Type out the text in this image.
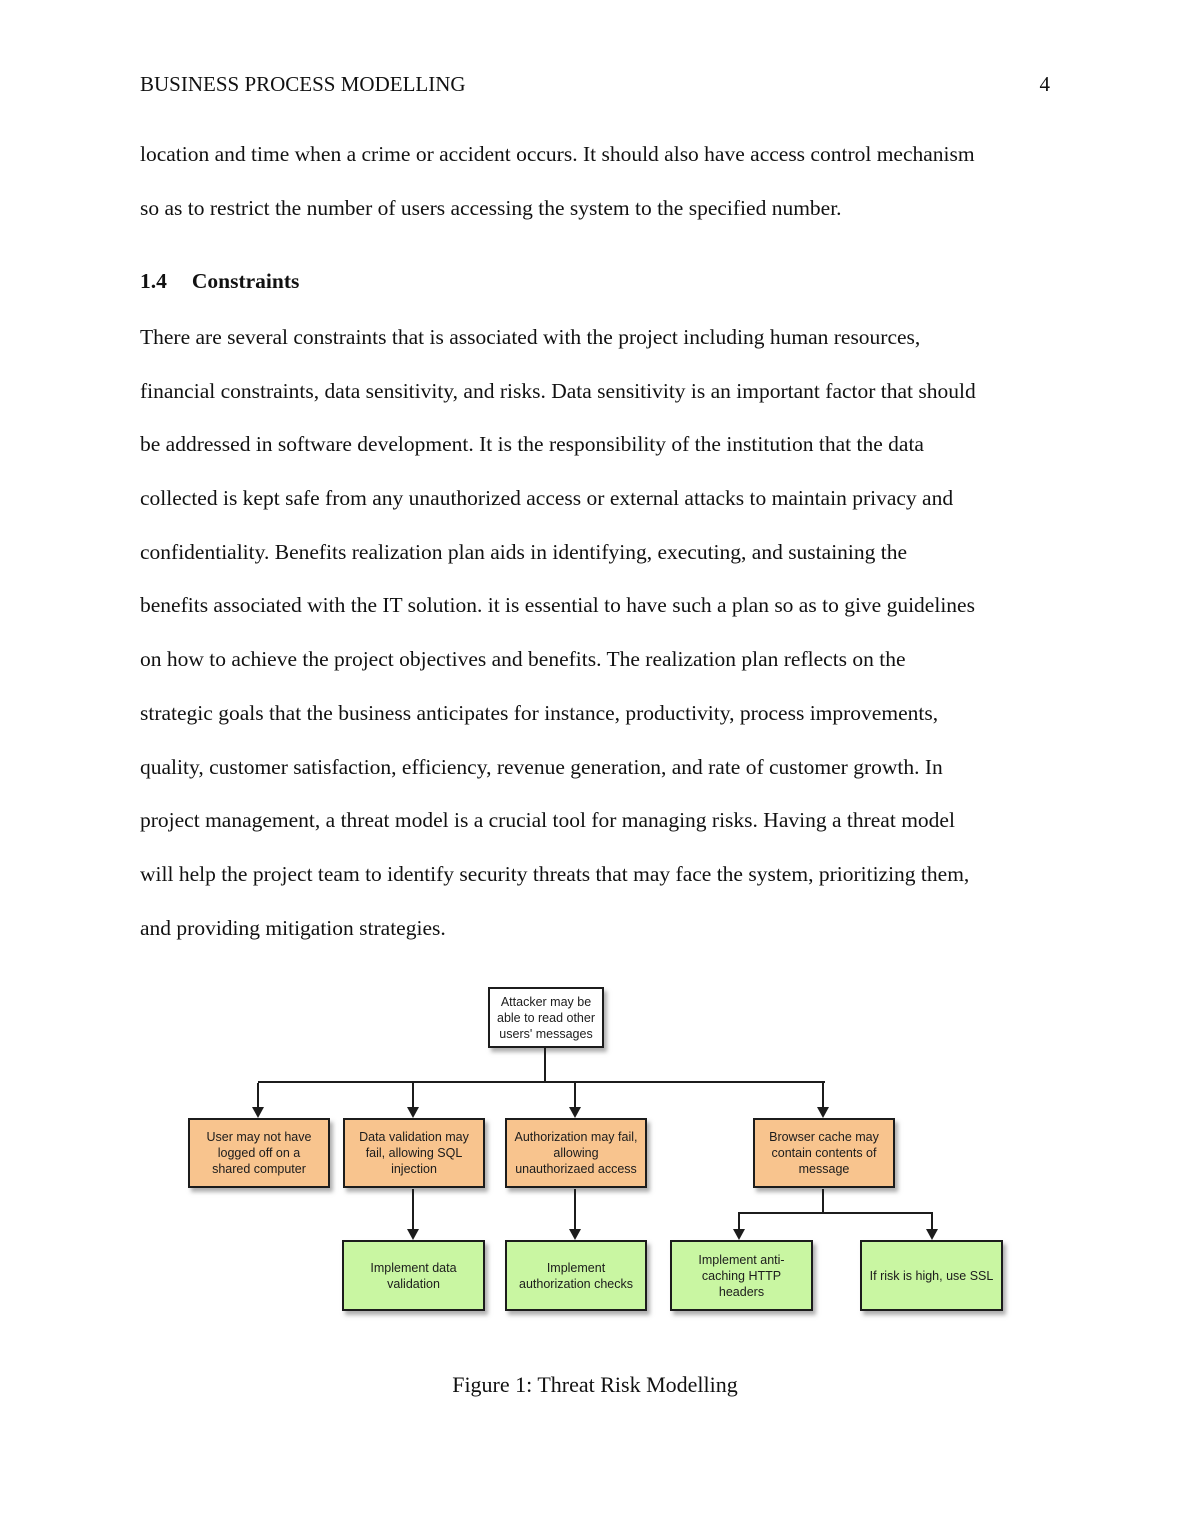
BUSINESS PROCESS MODELLING	4
location and time when a crime or accident occurs. It should also have access control mechanism
so as to restrict the number of users accessing the system to the specified number.
1.4 Constraints
There are several constraints that is associated with the project including human resources,
financial constraints, data sensitivity, and risks. Data sensitivity is an important factor that should
be addressed in software development. It is the responsibility of the institution that the data
collected is kept safe from any unauthorized access or external attacks to maintain privacy and
confidentiality. Benefits realization plan aids in identifying, executing, and sustaining the
benefits associated with the IT solution. it is essential to have such a plan so as to give guidelines
on how to achieve the project objectives and benefits. The realization plan reflects on the
strategic goals that the business anticipates for instance, productivity, process improvements,
quality, customer satisfaction, efficiency, revenue generation, and rate of customer growth. In
project management, a threat model is a crucial tool for managing risks. Having a threat model
will help the project team to identify security threats that may face the system, prioritizing them,
and providing mitigation strategies.
Attacker may be able to read other users' messages
User may not have logged off on a shared computer
Data validation may fail, allowing SQL injection
Authorization may fail, allowing unauthorizaed access
Browser cache may contain contents of message
Implement data validation
Implement authorization checks
Implement anti-caching HTTP headers
If risk is high, use SSL
Figure 1: Threat Risk Modelling
